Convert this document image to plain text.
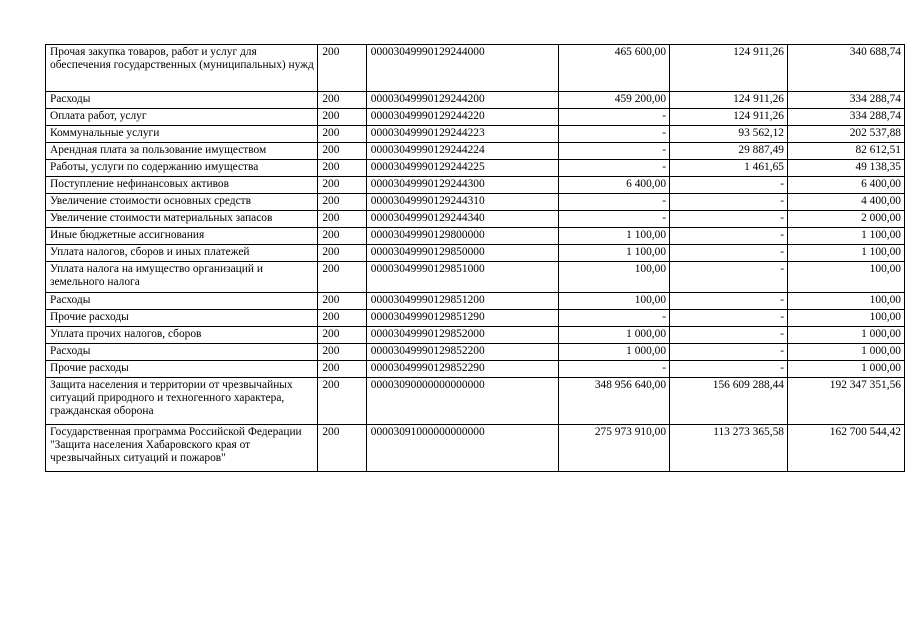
Прочая закупка товаров, работ и услуг для обеспечения государственных (муниципальных) нужд	200	00003049990129244000	465 600,00	124 911,26	340 688,74
Расходы	200	00003049990129244200	459 200,00	124 911,26	334 288,74
Оплата работ, услуг	200	00003049990129244220	-	124 911,26	334 288,74
Коммунальные услуги	200	00003049990129244223	-	93 562,12	202 537,88
Арендная плата за пользование имуществом	200	00003049990129244224	-	29 887,49	82 612,51
Работы, услуги по содержанию имущества	200	00003049990129244225	-	1 461,65	49 138,35
Поступление нефинансовых активов	200	00003049990129244300	6 400,00	-	6 400,00
Увеличение стоимости основных средств	200	00003049990129244310	-	-	4 400,00
Увеличение стоимости материальных запасов	200	00003049990129244340	-	-	2 000,00
Иные бюджетные ассигнования	200	00003049990129800000	1 100,00	-	1 100,00
Уплата налогов, сборов и иных платежей	200	00003049990129850000	1 100,00	-	1 100,00
Уплата налога на имущество организаций и земельного налога	200	00003049990129851000	100,00	-	100,00
Расходы	200	00003049990129851200	100,00	-	100,00
Прочие расходы	200	00003049990129851290	-	-	100,00
Уплата прочих налогов, сборов	200	00003049990129852000	1 000,00	-	1 000,00
Расходы	200	00003049990129852200	1 000,00	-	1 000,00
Прочие расходы	200	00003049990129852290	-	-	1 000,00
Защита населения и территории от чрезвычайных ситуаций природного и техногенного характера, гражданская оборона	200	00003090000000000000	348 956 640,00	156 609 288,44	192 347 351,56
Государственная программа Российской Федерации "Защита населения Хабаровского края от чрезвычайных ситуаций и пожаров"	200	00003091000000000000	275 973 910,00	113 273 365,58	162 700 544,42
